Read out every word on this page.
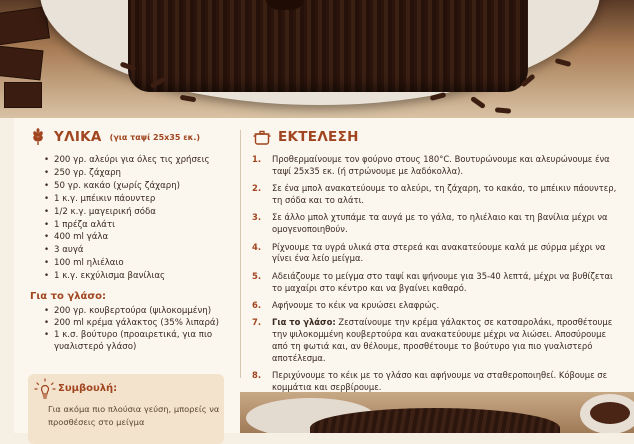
ΥΛΙΚΑ (για ταψί 25x35 εκ.)
• 200 γρ. αλεύρι για όλες τις χρήσεις
• 250 γρ. ζάχαρη
• 50 γρ. κακάο (χωρίς ζάχαρη)
• 1 κ.γ. μπέικιν πάουντερ
• 1/2 κ.γ. μαγειρική σόδα
• 1 πρέζα αλάτι
• 400 ml γάλα
• 3 αυγά
• 100 ml ηλιέλαιο
• 1 κ.γ. εκχύλισμα βανίλιας
Για το γλάσο:
• 200 γρ. κουβερτούρα (ψιλοκομμένη)
• 200 ml κρέμα γάλακτος (35% λιπαρά)
• 1 κ.σ. βούτυρο (προαιρετικά, για πιο γυαλιστερό γλάσο)
Συμβουλή:
Για ακόμα πιο πλούσια γεύση, μπορείς να προσθέσεις στο μείγμα
ΕΚΤΕΛΕΣΗ
1.	Προθερμαίνουμε τον φούρνο στους 180°C. Βουτυρώνουμε και αλευρώνουμε ένα ταψί 25x35 εκ. (ή στρώνουμε με λαδόκολλα).
2.	Σε ένα μπολ ανακατεύουμε το αλεύρι, τη ζάχαρη, το κακάο, το μπέικιν πάουντερ, τη σόδα και το αλάτι.
3.	Σε άλλο μπολ χτυπάμε τα αυγά με το γάλα, το ηλιέλαιο και τη βανίλια μέχρι να ομογενοποιηθούν.
4.	Ρίχνουμε τα υγρά υλικά στα στερεά και ανακατεύουμε καλά με σύρμα μέχρι να γίνει ένα λείο μείγμα.
5.	Αδειάζουμε το μείγμα στο ταψί και ψήνουμε για 35-40 λεπτά, μέχρι να βυθίζεται το μαχαίρι στο κέντρο και να βγαίνει καθαρό.
6.	Αφήνουμε το κέικ να κρυώσει ελαφρώς.
7.	Για το γλάσο: Ζεσταίνουμε την κρέμα γάλακτος σε κατσαρολάκι, προσθέτουμε την ψιλοκομμένη κουβερτούρα και ανακατεύουμε μέχρι να λιώσει. Αποσύρουμε από τη φωτιά και, αν θέλουμε, προσθέτουμε το βούτυρο για πιο γυαλιστερό αποτέλεσμα.
8.	Περιχύνουμε το κέικ με το γλάσο και αφήνουμε να σταθεροποιηθεί. Κόβουμε σε κομμάτια και σερβίρουμε.
